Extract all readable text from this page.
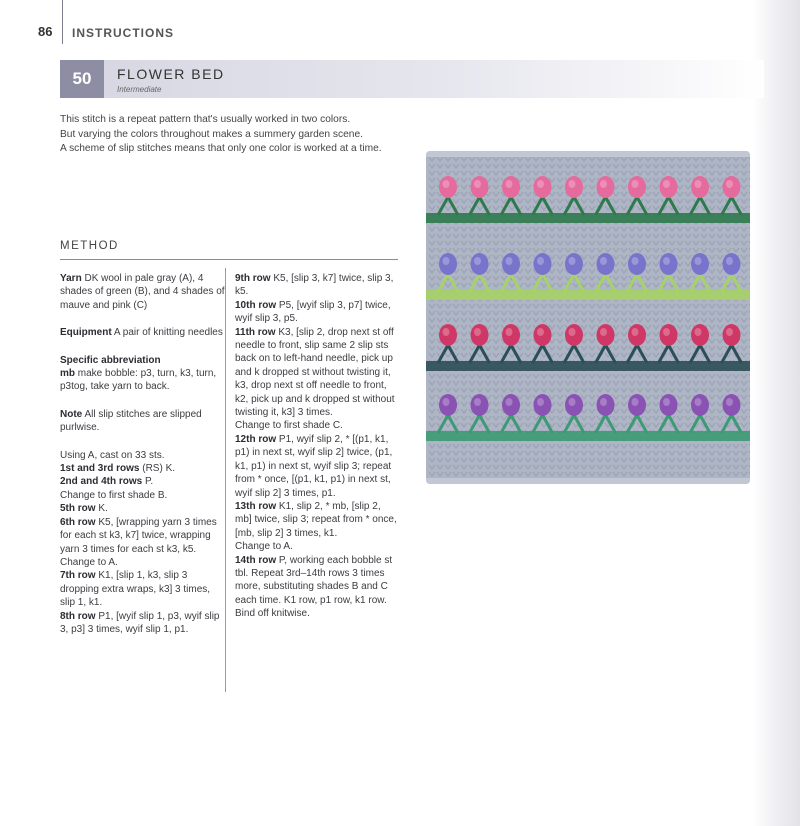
86 INSTRUCTIONS
50	FLOWER BED
Intermediate

This stitch is a repeat pattern that's usually worked in two colors.

But varying the colors throughout makes a summery garden scene.

A scheme of slip stitches means that only one color is worked at a time.

METHOD
Yarn DK wool in pale gray (A), 4 shades of green (B), and 4 shades of mauve and pink (C)
Equipment A pair of knitting needles
Specific abbreviation
mb make bobble: p3, turn, k3, turn, p3tog, take yarn to back.
Note All slip stitches are slipped purlwise.
Using A, cast on 33 sts.
1st and 3rd rows (RS) K.
2nd and 4th rows P.
Change to first shade B.
5th row K.
6th row K5, [wrapping yarn 3 times for each st k3, k7] twice, wrapping yarn 3 times for each st k3, k5.
Change to A.
7th row K1, [slip 1, k3, slip 3 dropping extra wraps, k3] 3 times, slip 1, k1.
8th row P1, [wyif slip 1, p3, wyif slip 3, p3] 3 times, wyif slip 1, p1.
9th row K5, [slip 3, k7] twice, slip 3, k5.
10th row P5, [wyif slip 3, p7] twice, wyif slip 3, p5.
11th row K3, [slip 2, drop next st off needle to front, slip same 2 slip sts back on to left-hand needle, pick up and k dropped st without twisting it, k3, drop next st off needle to front, k2, pick up and k dropped st without twisting it, k3] 3 times.
Change to first shade C.
12th row P1, wyif slip 2, * [(p1, k1, p1) in next st, wyif slip 2] twice, (p1, k1, p1) in next st, wyif slip 3; repeat from * once, [(p1, k1, p1) in next st, wyif slip 2] 3 times, p1.
13th row K1, slip 2, * mb, [slip 2, mb] twice, slip 3; repeat from * once, [mb, slip 2] 3 times, k1.
Change to A.
14th row P, working each bobble st tbl. Repeat 3rd–14th rows 3 times more, substituting shades B and C each time. K1 row, p1 row, k1 row. Bind off knitwise.
